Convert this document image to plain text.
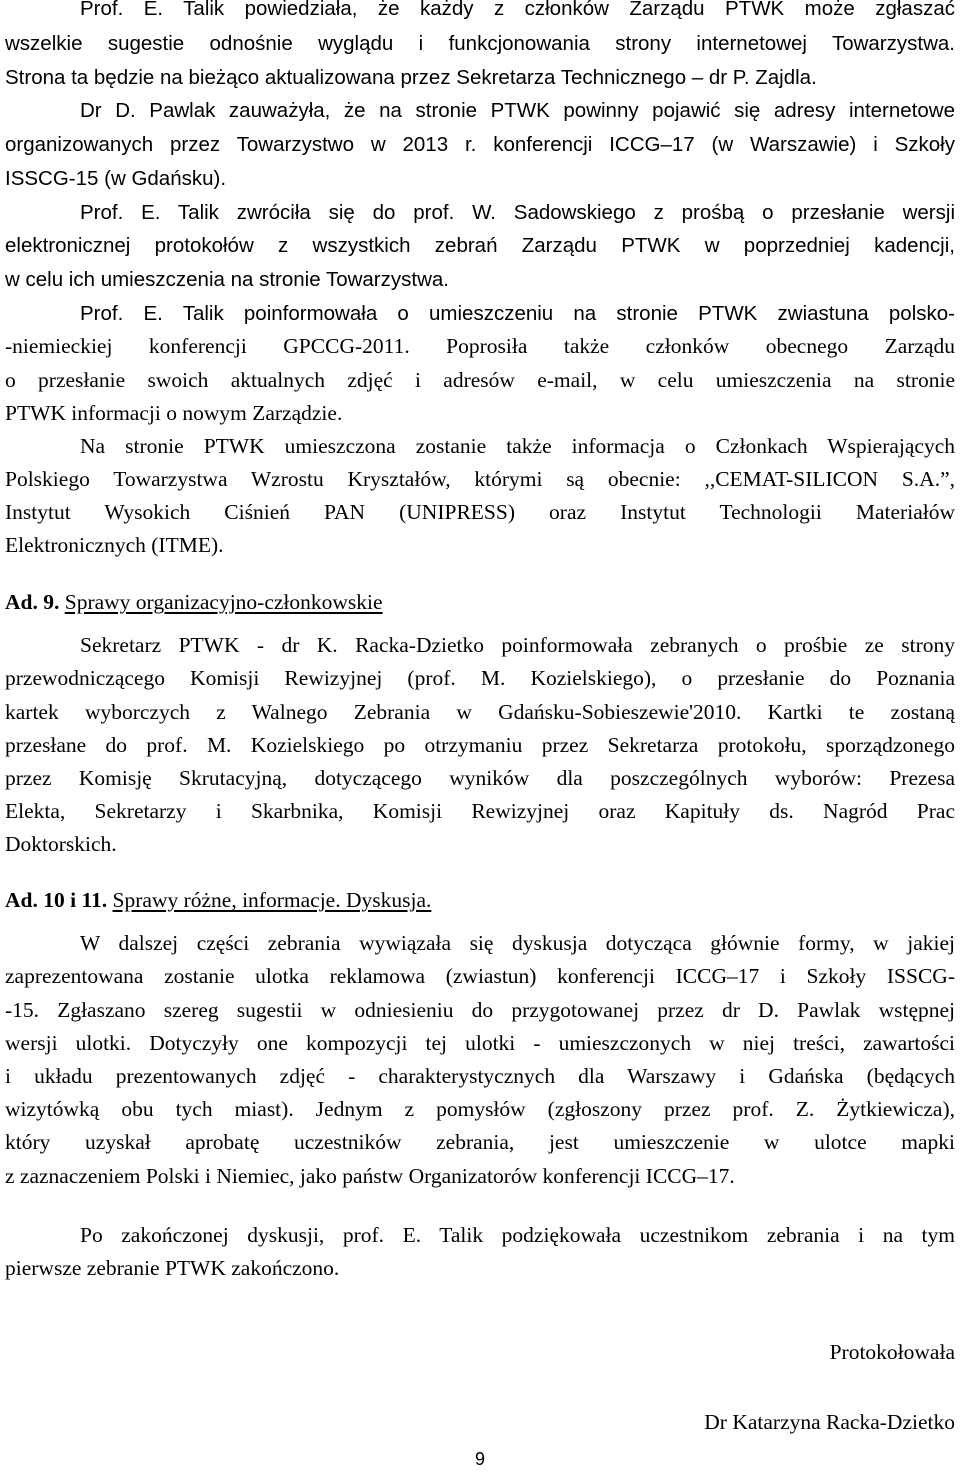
Prof. E. Talik powiedziała, że każdy z członków Zarządu PTWK może zgłaszać

wszelkie sugestie odnośnie wyglądu i funkcjonowania strony internetowej Towarzystwa.

Strona ta będzie na bieżąco aktualizowana przez Sekretarza Technicznego – dr P. Zajdla.

Dr D. Pawlak zauważyła, że na stronie PTWK powinny pojawić się adresy internetowe

organizowanych przez Towarzystwo w 2013 r. konferencji ICCG–17 (w Warszawie) i Szkoły

ISSCG-15 (w Gdańsku).

Prof. E. Talik zwróciła się do prof. W. Sadowskiego z prośbą o przesłanie wersji

elektronicznej protokołów z wszystkich zebrań Zarządu PTWK w poprzedniej kadencji,

w celu ich umieszczenia na stronie Towarzystwa.

Prof. E. Talik poinformowała o umieszczeniu na stronie PTWK zwiastuna polsko-

-niemieckiej konferencji GPCCG-2011. Poprosiła także członków obecnego Zarządu

o przesłanie swoich aktualnych zdjęć i adresów e-mail, w celu umieszczenia na stronie

PTWK informacji o nowym Zarządzie.

Na stronie PTWK umieszczona zostanie także informacja o Członkach Wspierających

Polskiego Towarzystwa Wzrostu Kryształów, którymi są obecnie: ,,CEMAT-SILICON S.A.”,

Instytut Wysokich Ciśnień PAN (UNIPRESS) oraz Instytut Technologii Materiałów

Elektronicznych (ITME).

Ad. 9. Sprawy organizacyjno-członkowskie

Sekretarz PTWK - dr K. Racka-Dzietko poinformowała zebranych o prośbie ze strony

przewodniczącego Komisji Rewizyjnej (prof. M. Kozielskiego), o przesłanie do Poznania

kartek wyborczych z Walnego Zebrania w Gdańsku-Sobieszewie'2010. Kartki te zostaną

przesłane do prof. M. Kozielskiego po otrzymaniu przez Sekretarza protokołu, sporządzonego

przez Komisję Skrutacyjną, dotyczącego wyników dla poszczególnych wyborów: Prezesa

Elekta, Sekretarzy i Skarbnika, Komisji Rewizyjnej oraz Kapituły ds. Nagród Prac

Doktorskich.

Ad. 10 i 11. Sprawy różne, informacje. Dyskusja.

W dalszej części zebrania wywiązała się dyskusja dotycząca głównie formy, w jakiej

zaprezentowana zostanie ulotka reklamowa (zwiastun) konferencji ICCG–17 i Szkoły ISSCG-

-15. Zgłaszano szereg sugestii w odniesieniu do przygotowanej przez dr D. Pawlak wstępnej

wersji ulotki. Dotyczyły one kompozycji tej ulotki - umieszczonych w niej treści, zawartości

i układu prezentowanych zdjęć - charakterystycznych dla Warszawy i Gdańska (będących

wizytówką obu tych miast). Jednym z pomysłów (zgłoszony przez prof. Z. Żytkiewicza),

który uzyskał aprobatę uczestników zebrania, jest umieszczenie w ulotce mapki

z zaznaczeniem Polski i Niemiec, jako państw Organizatorów konferencji ICCG–17.

Po zakończonej dyskusji, prof. E. Talik podziękowała uczestnikom zebrania i na tym

pierwsze zebranie PTWK zakończono.

Protokołowała

Dr Katarzyna Racka-Dzietko

9
